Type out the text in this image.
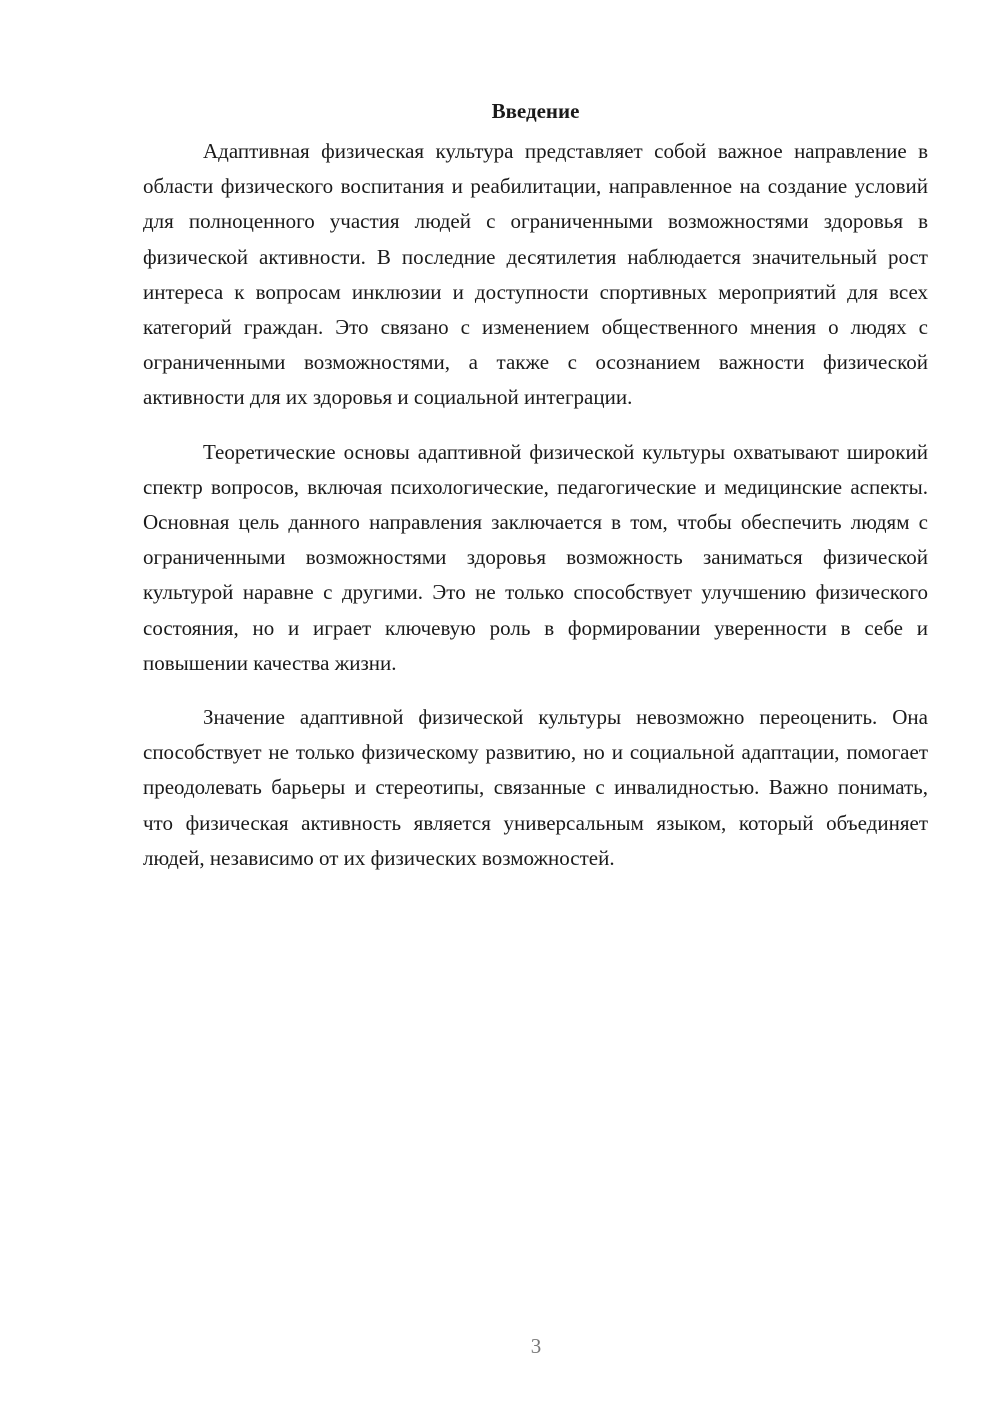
Введение

Адаптивная физическая культура представляет собой важное направление в области физического воспитания и реабилитации, направленное на создание условий для полноценного участия людей с ограниченными возможностями здоровья в физической активности. В последние десятилетия наблюдается значительный рост интереса к вопросам инклюзии и доступности спортивных мероприятий для всех категорий граждан. Это связано с изменением общественного мнения о людях с ограниченными возможностями, а также с осознанием важности физической активности для их здоровья и социальной интеграции.

Теоретические основы адаптивной физической культуры охватывают широкий спектр вопросов, включая психологические, педагогические и медицинские аспекты. Основная цель данного направления заключается в том, чтобы обеспечить людям с ограниченными возможностями здоровья возможность заниматься физической культурой наравне с другими. Это не только способствует улучшению физического состояния, но и играет ключевую роль в формировании уверенности в себе и повышении качества жизни.

Значение адаптивной физической культуры невозможно переоценить. Она способствует не только физическому развитию, но и социальной адаптации, помогает преодолевать барьеры и стереотипы, связанные с инвалидностью. Важно понимать, что физическая активность является универсальным языком, который объединяет людей, независимо от их физических возможностей.

3
